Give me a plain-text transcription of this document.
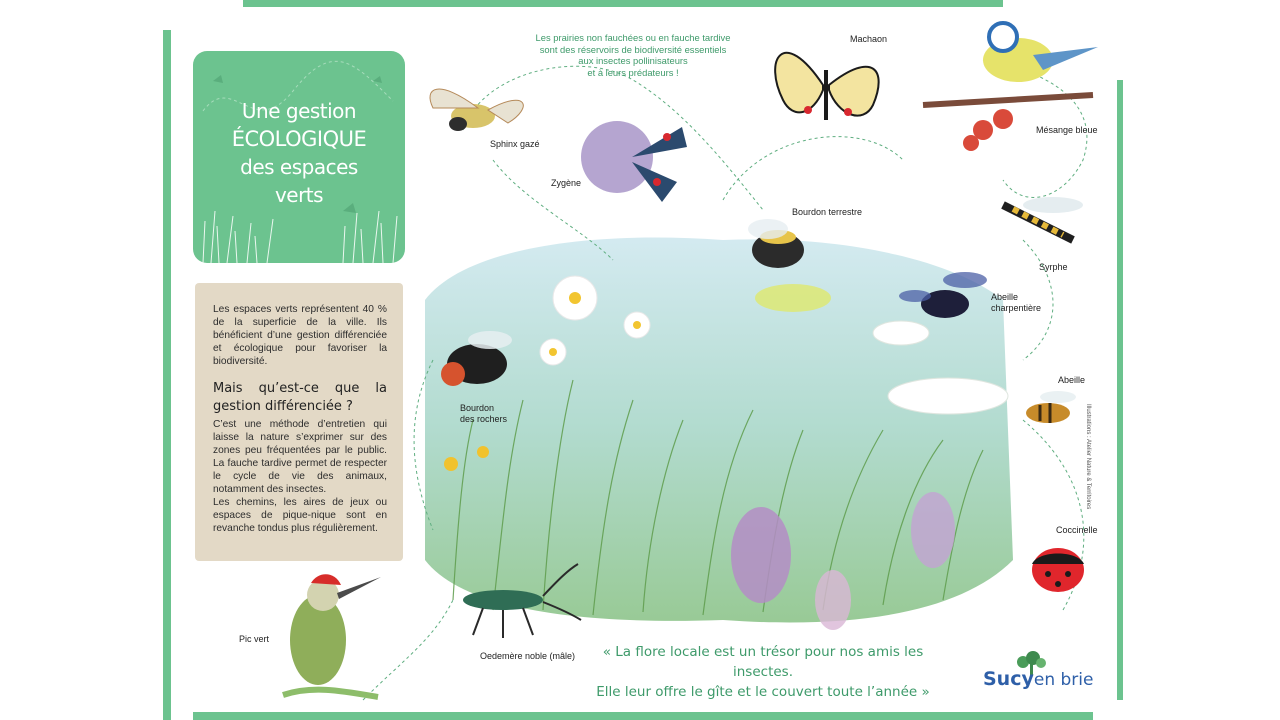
Une gestion
ÉCOLOGIQUE
des espaces
verts

Les espaces verts représentent 40 % de la superficie de la ville. Ils bénéficient d’une gestion différenciée et écologique pour favoriser la biodiversité.

Mais qu’est-ce que la gestion différenciée ?

C’est une méthode d’entretien qui laisse la nature s’exprimer sur des zones peu fréquentées par le public. La fauche tardive permet de respecter le cycle de vie des animaux, notamment des insectes.

Les chemins, les aires de jeux ou espaces de pique-nique sont en revanche tondus plus régulièrement.

Les prairies non fauchées ou en fauche tardive
sont des réservoirs de biodiversité essentiels
aux insectes pollinisateurs
et à leurs prédateurs !
Sphinx gazé
Zygène
Machaon
Mésange bleue
Bourdon terrestre
Syrphe
Abeille
charpentière
Abeille
Bourdon
des rochers
Coccinelle
Pic vert
Oedemère noble (mâle)	« La flore locale est un trésor pour nos amis les insectes.
Elle leur offre le gîte et le couvert toute l’année »
Illustrations : Atelier Nature & Territoires
Sucyen brie
